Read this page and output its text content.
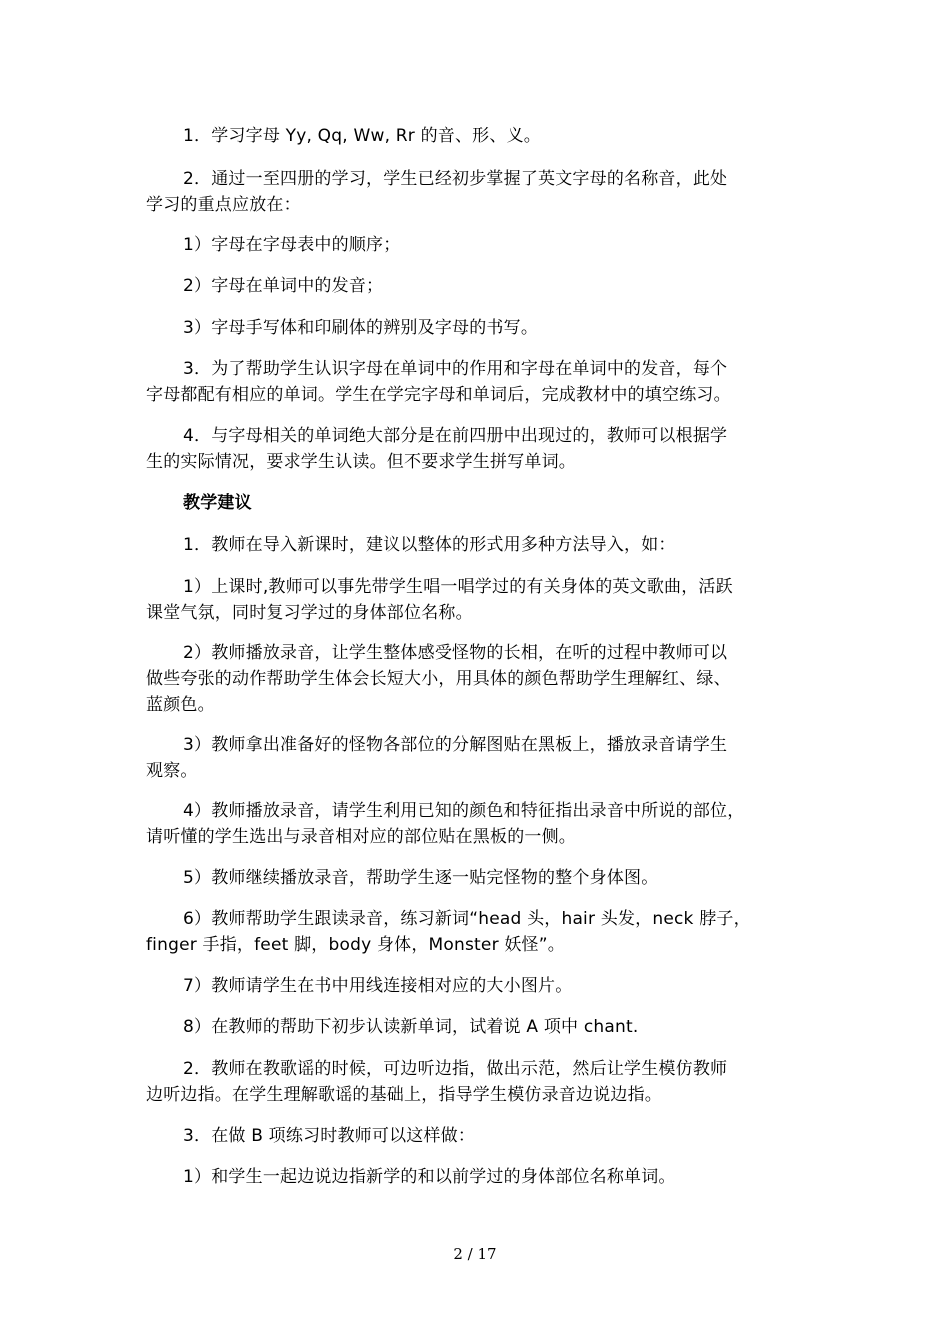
1．学习字母 Yy, Qq, Ww, Rr 的音、形、义。

2．通过一至四册的学习，学生已经初步掌握了英文字母的名称音，此处
学习的重点应放在：

1）字母在字母表中的顺序；

2）字母在单词中的发音；

3）字母手写体和印刷体的辨别及字母的书写。

3．为了帮助学生认识字母在单词中的作用和字母在单词中的发音，每个
字母都配有相应的单词。学生在学完字母和单词后，完成教材中的填空练习。

4．与字母相关的单词绝大部分是在前四册中出现过的，教师可以根据学
生的实际情况，要求学生认读。但不要求学生拼写单词。

教学建议

1．教师在导入新课时，建议以整体的形式用多种方法导入，如：

1）上课时,教师可以事先带学生唱一唱学过的有关身体的英文歌曲，活跃
课堂气氛，同时复习学过的身体部位名称。

2）教师播放录音，让学生整体感受怪物的长相，在听的过程中教师可以
做些夸张的动作帮助学生体会长短大小，用具体的颜色帮助学生理解红、绿、
蓝颜色。

3）教师拿出准备好的怪物各部位的分解图贴在黑板上，播放录音请学生
观察。

4）教师播放录音，请学生利用已知的颜色和特征指出录音中所说的部位，
请听懂的学生选出与录音相对应的部位贴在黑板的一侧。

5）教师继续播放录音，帮助学生逐一贴完怪物的整个身体图。

6）教师帮助学生跟读录音，练习新词“head 头，hair 头发，neck 脖子，
finger 手指，feet 脚，body 身体，Monster 妖怪”。

7）教师请学生在书中用线连接相对应的大小图片。

8）在教师的帮助下初步认读新单词，试着说 A 项中 chant.

2．教师在教歌谣的时候，可边听边指，做出示范，然后让学生模仿教师
边听边指。在学生理解歌谣的基础上，指导学生模仿录音边说边指。

3．在做 B 项练习时教师可以这样做：

1）和学生一起边说边指新学的和以前学过的身体部位名称单词。

2 / 17
